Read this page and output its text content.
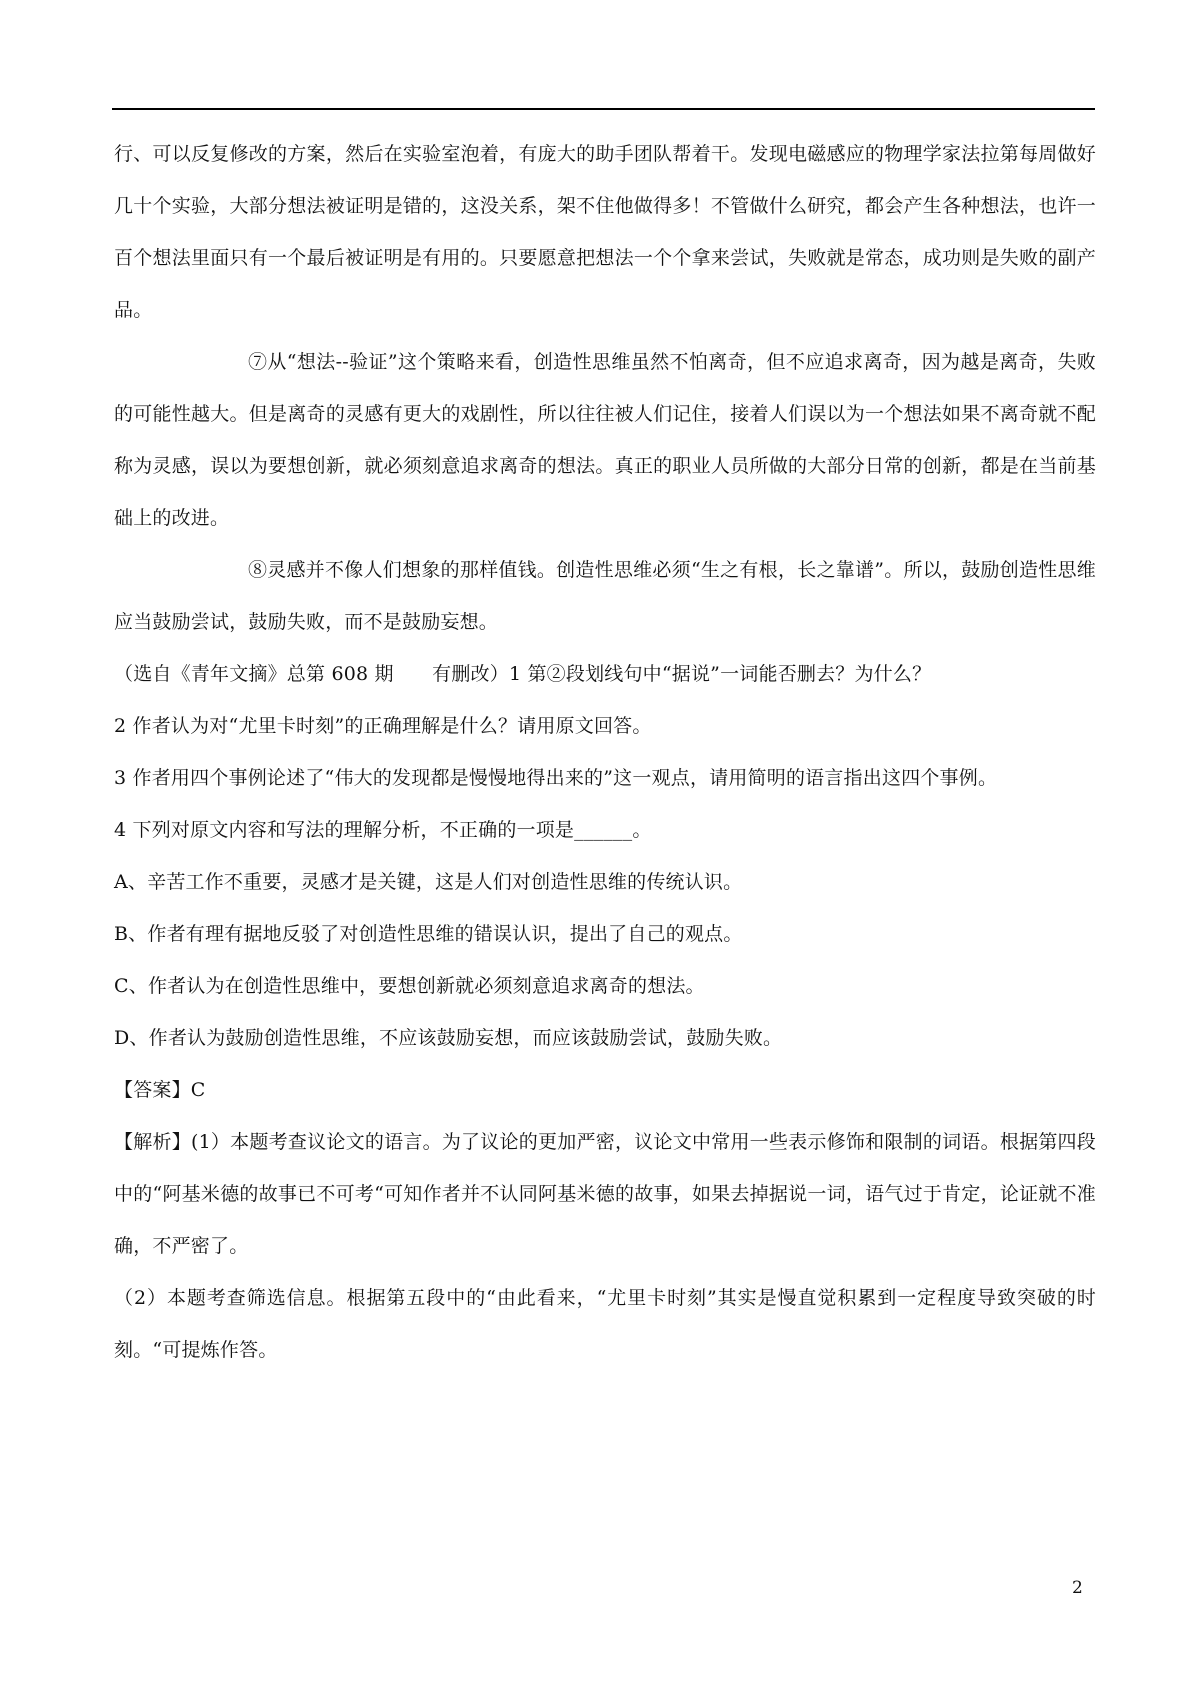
行、可以反复修改的方案，然后在实验室泡着，有庞大的助手团队帮着干。发现电磁感应的物理学家法拉第每周做好几十个实验，大部分想法被证明是错的，这没关系，架不住他做得多！不管做什么研究，都会产生各种想法，也许一百个想法里面只有一个最后被证明是有用的。只要愿意把想法一个个拿来尝试，失败就是常态，成功则是失败的副产品。

⑦从“想法--验证”这个策略来看，创造性思维虽然不怕离奇，但不应追求离奇，因为越是离奇，失败的可能性越大。但是离奇的灵感有更大的戏剧性，所以往往被人们记住，接着人们误以为一个想法如果不离奇就不配称为灵感，误以为要想创新，就必须刻意追求离奇的想法。真正的职业人员所做的大部分日常的创新，都是在当前基础上的改进。

⑧灵感并不像人们想象的那样值钱。创造性思维必须“生之有根，长之靠谱”。所以，鼓励创造性思维应当鼓励尝试，鼓励失败，而不是鼓励妄想。

（选自《青年文摘》总第 608 期　　有删改）1 第②段划线句中“据说”一词能否删去？为什么？

2 作者认为对“尤里卡时刻”的正确理解是什么？请用原文回答。

3 作者用四个事例论述了“伟大的发现都是慢慢地得出来的”这一观点，请用简明的语言指出这四个事例。

4 下列对原文内容和写法的理解分析，不正确的一项是______。

A、辛苦工作不重要，灵感才是关键，这是人们对创造性思维的传统认识。

B、作者有理有据地反驳了对创造性思维的错误认识，提出了自己的观点。

C、作者认为在创造性思维中，要想创新就必须刻意追求离奇的想法。

D、作者认为鼓励创造性思维，不应该鼓励妄想，而应该鼓励尝试，鼓励失败。

【答案】C

【解析】(1）本题考查议论文的语言。为了议论的更加严密，议论文中常用一些表示修饰和限制的词语。根据第四段中的“阿基米德的故事已不可考“可知作者并不认同阿基米德的故事，如果去掉据说一词，语气过于肯定，论证就不准确，不严密了。

（2）本题考查筛选信息。根据第五段中的“由此看来，“尤里卡时刻”其实是慢直觉积累到一定程度导致突破的时刻。“可提炼作答。

2
